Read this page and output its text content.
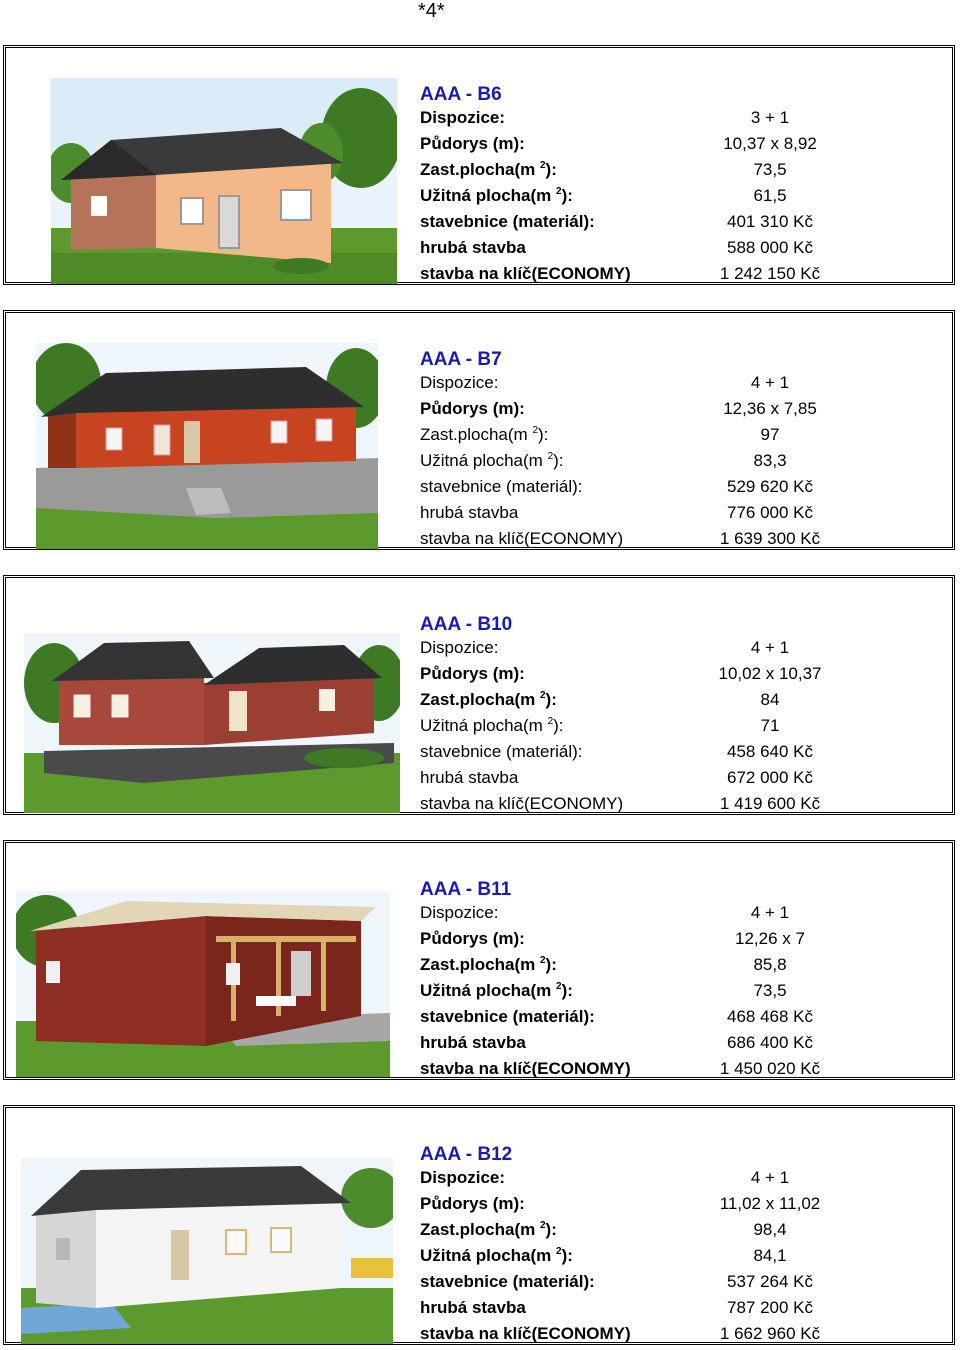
*4*
AAA - B6
Dispozice:	3 + 1
Půdorys (m):	10,37 x 8,92
Zast.plocha(m $^2$):	73,5
Užitná plocha(m $^2$):	61,5
stavebnice (materiál):	401 310 Kč
hrubá stavba	588 000 Kč
stavba na klíč(ECONOMY)	1 242 150 Kč
AAA - B7
Dispozice:	4 + 1
Půdorys (m):	12,36 x 7,85
Zast.plocha(m $^2$):	97
Užitná plocha(m $^2$):	83,3
stavebnice (materiál):	529 620 Kč
hrubá stavba	776 000 Kč
stavba na klíč(ECONOMY)	1 639 300 Kč
AAA - B10
Dispozice:	4 + 1
Půdorys (m):	10,02 x 10,37
Zast.plocha(m $^2$):	84
Užitná plocha(m $^2$):	71
stavebnice (materiál):	458 640 Kč
hrubá stavba	672 000 Kč
stavba na klíč(ECONOMY)	1 419 600 Kč
AAA - B11
Dispozice:	4 + 1
Půdorys (m):	12,26 x 7
Zast.plocha(m $^2$):	85,8
Užitná plocha(m $^2$):	73,5
stavebnice (materiál):	468 468 Kč
hrubá stavba	686 400 Kč
stavba na klíč(ECONOMY)	1 450 020 Kč
AAA - B12
Dispozice:	4 + 1
Půdorys (m):	11,02 x 11,02
Zast.plocha(m $^2$):	98,4
Užitná plocha(m $^2$):	84,1
stavebnice (materiál):	537 264 Kč
hrubá stavba	787 200 Kč
stavba na klíč(ECONOMY)	1 662 960 Kč
